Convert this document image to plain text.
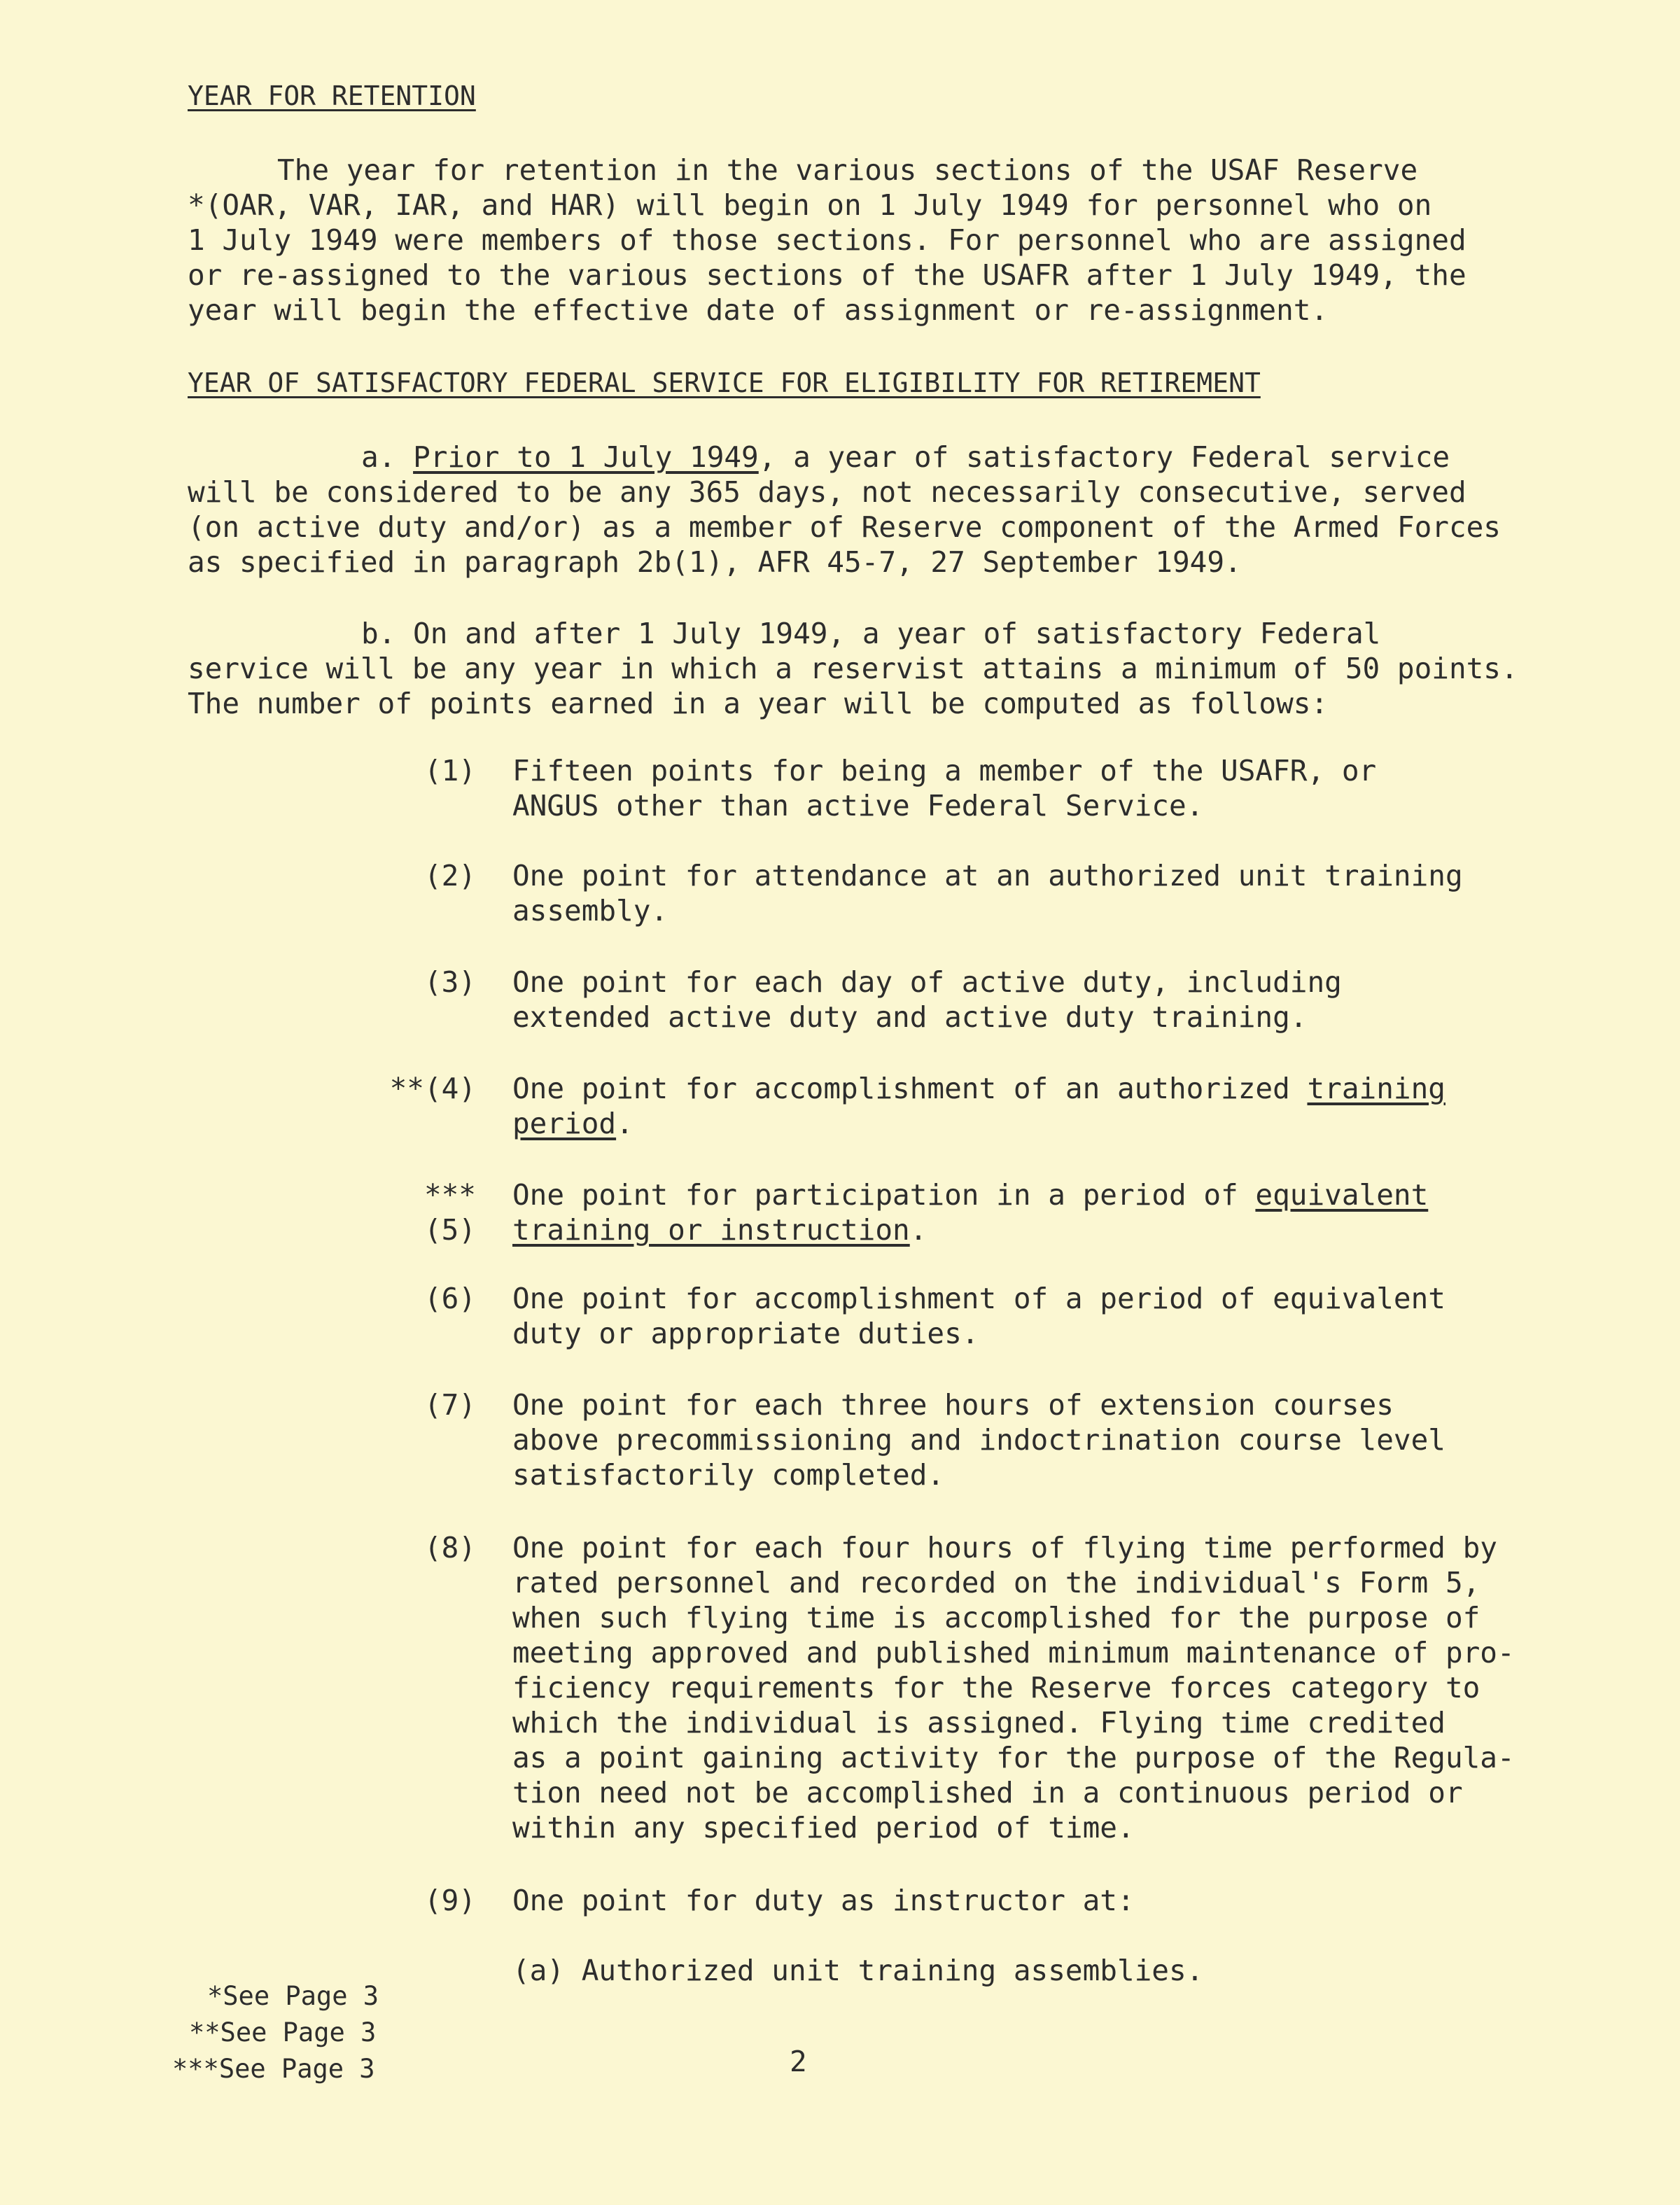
YEAR FOR RETENTION
The year for retention in the various sections of the USAF Reserve
*(OAR, VAR, IAR, and HAR) will begin on 1 July 1949 for personnel who on
1 July 1949 were members of those sections. For personnel who are assigned
or re-assigned to the various sections of the USAFR after 1 July 1949, the
year will begin the effective date of assignment or re-assignment.
YEAR OF SATISFACTORY FEDERAL SERVICE FOR ELIGIBILITY FOR RETIREMENT
a. Prior to 1 July 1949, a year of satisfactory Federal service
will be considered to be any 365 days, not necessarily consecutive, served
(on active duty and/or) as a member of Reserve component of the Armed Forces
as specified in paragraph 2b(1), AFR 45-7, 27 September 1949.
b. On and after 1 July 1949, a year of satisfactory Federal
service will be any year in which a reservist attains a minimum of 50 points.
The number of points earned in a year will be computed as follows:
(1) Fifteen points for being a member of the USAFR, or
ANGUS other than active Federal Service.
(2) One point for attendance at an authorized unit training
assembly.
(3) One point for each day of active duty, including
extended active duty and active duty training.
**(4) One point for accomplishment of an authorized training
period.
***(5)
One point for participation in a period of equivalent
training or instruction.
(6) One point for accomplishment of a period of equivalent
duty or appropriate duties.
(7) One point for each three hours of extension courses
above precommissioning and indoctrination course level
satisfactorily completed.
(8) One point for each four hours of flying time performed by
rated personnel and recorded on the individual's Form 5,
when such flying time is accomplished for the purpose of
meeting approved and published minimum maintenance of pro-
ficiency requirements for the Reserve forces category to
which the individual is assigned. Flying time credited
as a point gaining activity for the purpose of the Regula-
tion need not be accomplished in a continuous period or
within any specified period of time.
(9) One point for duty as instructor at:
(a) Authorized unit training assemblies.
*See Page 3
**See Page 3
***See Page 3	2
